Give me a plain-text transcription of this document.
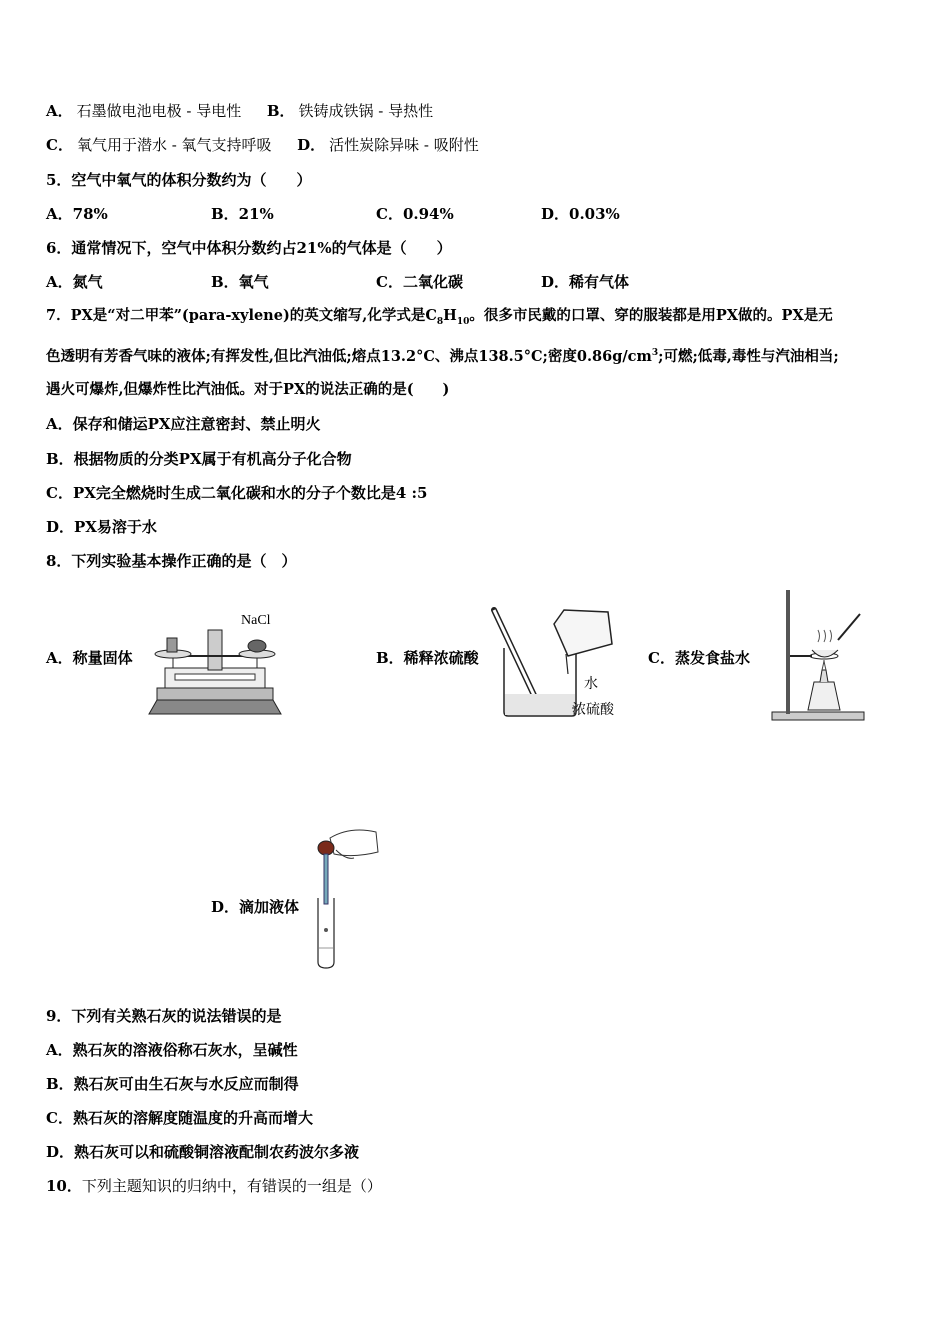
A． 石墨做电池电极 - 导电性 B． 铁铸成铁锅 - 导热性
C． 氧气用于潜水 - 氧气支持呼吸 D． 活性炭除异味 - 吸附性
5．空气中氧气的体积分数约为（　　）
A．78%	B．21%	C．0.94%	D．0.03%
6．通常情况下，空气中体积分数约占21%的气体是（　　）
A．氮气	B．氧气	C．二氧化碳	D．稀有气体
7．PX是“对二甲苯”(para-xylene)的英文缩写,化学式是$C_8H_{10}$。很多市民戴的口罩、穿的服装都是用PX做的。PX是无
色透明有芳香气味的液体;有挥发性,但比汽油低;熔点13.2°C、沸点138.5°C;密度$0.86g/cm^3$;可燃;低毒,毒性与汽油相当;
遇火可爆炸,但爆炸性比汽油低。对于PX的说法正确的是(　　)
A．保存和储运PX应注意密封、禁止明火
B．根据物质的分类PX属于有机高分子化合物
C．PX完全燃烧时生成二氧化碳和水的分子个数比是4 :5
D．PX易溶于水
8．下列实验基本操作正确的是（　）
A．称量固体
NaCl
B．稀释浓硫酸
水
浓硫酸
C．蒸发食盐水
D．滴加液体
9．下列有关熟石灰的说法错误的是
A．熟石灰的溶液俗称石灰水，呈碱性
B．熟石灰可由生石灰与水反应而制得
C．熟石灰的溶解度随温度的升高而增大
D．熟石灰可以和硫酸铜溶液配制农药波尔多液
10．下列主题知识的归纳中，有错误的一组是（）
